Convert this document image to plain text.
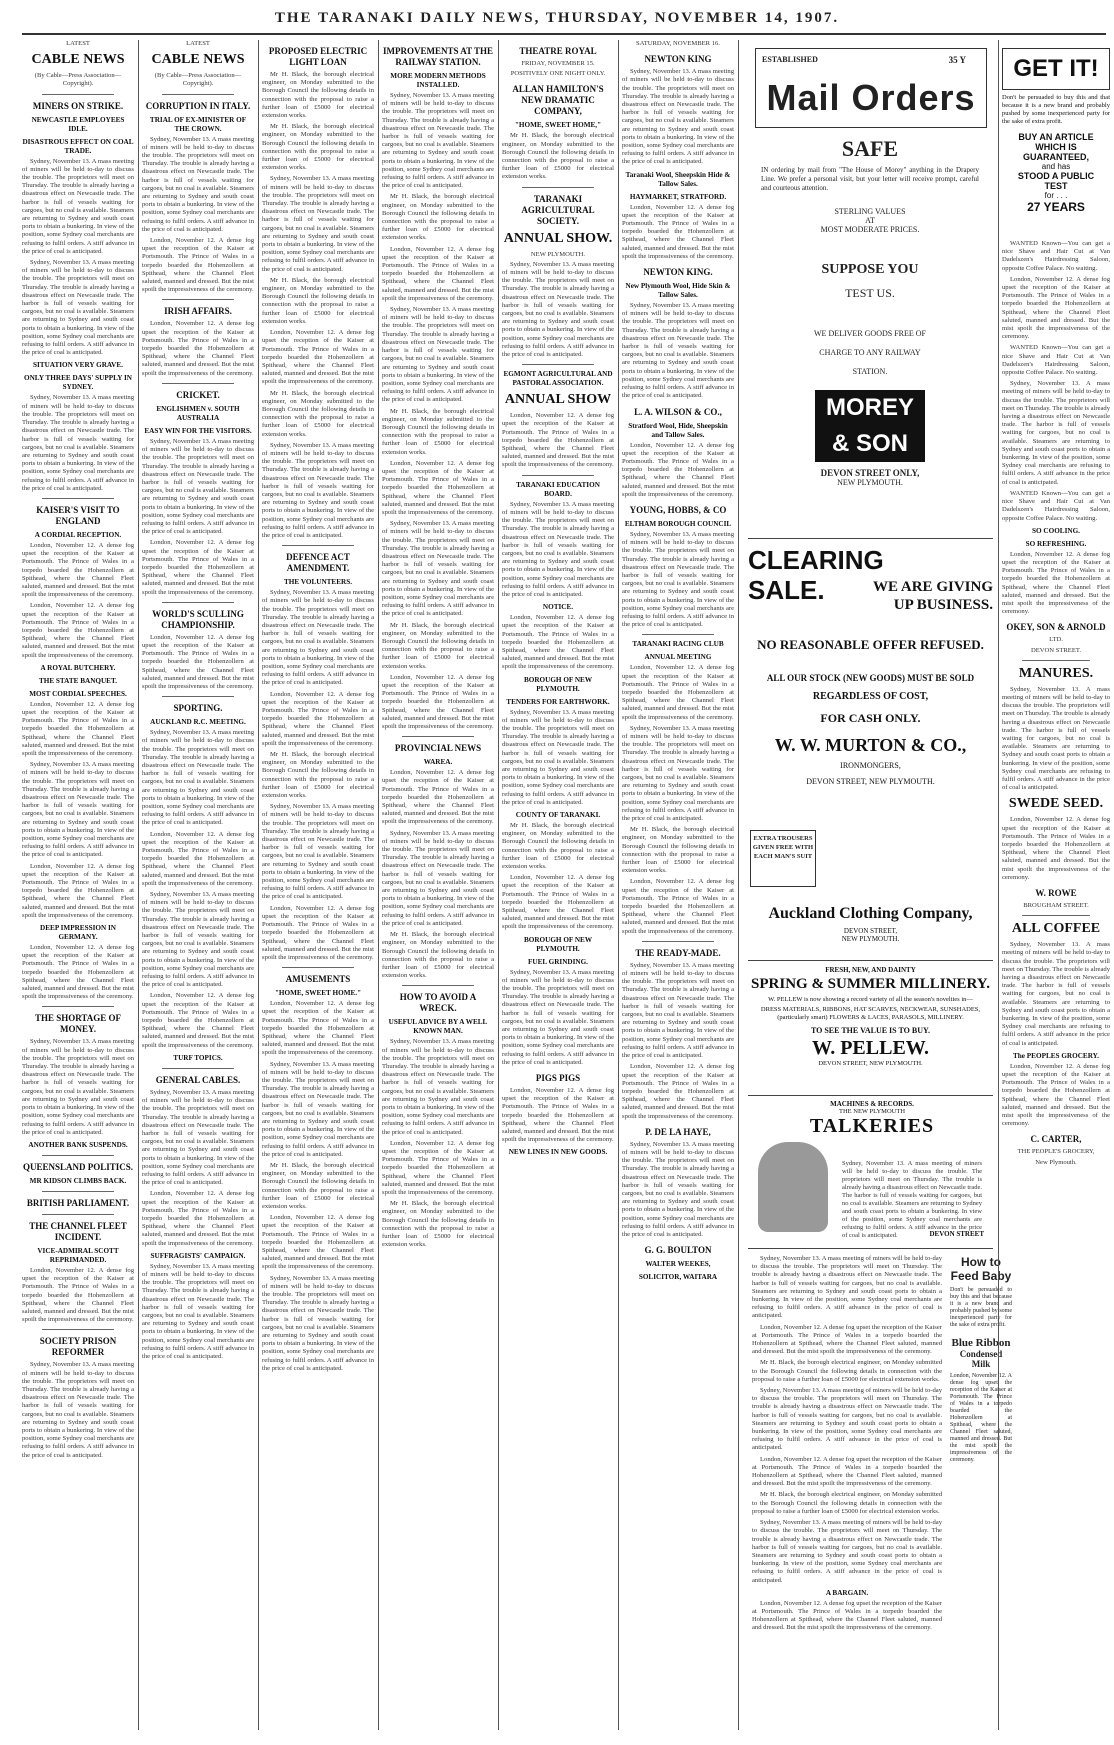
THE TARANAKI DAILY NEWS, THURSDAY, NOVEMBER 14, 1907.
LATEST
CABLE NEWS
(By Cable—Press Association—Copyright).
MINERS ON STRIKE.
NEWCASTLE EMPLOYEES IDLE.
DISASTROUS EFFECT ON COAL TRADE.

Sydney, November 13. A mass meeting of miners will be held to-day to discuss the trouble. The proprietors will meet on Thursday. The trouble is already having a disastrous effect on Newcastle trade. The harbor is full of vessels waiting for cargoes, but no coal is available. Steamers are returning to Sydney and south coast ports to obtain a bunkering. In view of the position, some Sydney coal merchants are refusing to fulfil orders. A stiff advance in the price of coal is anticipated.

Sydney, November 13. A mass meeting of miners will be held to-day to discuss the trouble. The proprietors will meet on Thursday. The trouble is already having a disastrous effect on Newcastle trade. The harbor is full of vessels waiting for cargoes, but no coal is available. Steamers are returning to Sydney and south coast ports to obtain a bunkering. In view of the position, some Sydney coal merchants are refusing to fulfil orders. A stiff advance in the price of coal is anticipated.

SITUATION VERY GRAVE.
ONLY THREE DAYS' SUPPLY IN SYDNEY.

Sydney, November 13. A mass meeting of miners will be held to-day to discuss the trouble. The proprietors will meet on Thursday. The trouble is already having a disastrous effect on Newcastle trade. The harbor is full of vessels waiting for cargoes, but no coal is available. Steamers are returning to Sydney and south coast ports to obtain a bunkering. In view of the position, some Sydney coal merchants are refusing to fulfil orders. A stiff advance in the price of coal is anticipated.

KAISER'S VISIT TO ENGLAND
A CORDIAL RECEPTION.

London, November 12. A dense fog upset the reception of the Kaiser at Portsmouth. The Prince of Wales in a torpedo boarded the Hohenzollern at Spithead, where the Channel Fleet saluted, manned and dressed. But the mist spoilt the impressiveness of the ceremony.

London, November 12. A dense fog upset the reception of the Kaiser at Portsmouth. The Prince of Wales in a torpedo boarded the Hohenzollern at Spithead, where the Channel Fleet saluted, manned and dressed. But the mist spoilt the impressiveness of the ceremony.

A ROYAL BUTCHERY.
THE STATE BANQUET.
MOST CORDIAL SPEECHES.

London, November 12. A dense fog upset the reception of the Kaiser at Portsmouth. The Prince of Wales in a torpedo boarded the Hohenzollern at Spithead, where the Channel Fleet saluted, manned and dressed. But the mist spoilt the impressiveness of the ceremony.

Sydney, November 13. A mass meeting of miners will be held to-day to discuss the trouble. The proprietors will meet on Thursday. The trouble is already having a disastrous effect on Newcastle trade. The harbor is full of vessels waiting for cargoes, but no coal is available. Steamers are returning to Sydney and south coast ports to obtain a bunkering. In view of the position, some Sydney coal merchants are refusing to fulfil orders. A stiff advance in the price of coal is anticipated.

London, November 12. A dense fog upset the reception of the Kaiser at Portsmouth. The Prince of Wales in a torpedo boarded the Hohenzollern at Spithead, where the Channel Fleet saluted, manned and dressed. But the mist spoilt the impressiveness of the ceremony.

DEEP IMPRESSION IN GERMANY.

London, November 12. A dense fog upset the reception of the Kaiser at Portsmouth. The Prince of Wales in a torpedo boarded the Hohenzollern at Spithead, where the Channel Fleet saluted, manned and dressed. But the mist spoilt the impressiveness of the ceremony.

THE SHORTAGE OF MONEY.

Sydney, November 13. A mass meeting of miners will be held to-day to discuss the trouble. The proprietors will meet on Thursday. The trouble is already having a disastrous effect on Newcastle trade. The harbor is full of vessels waiting for cargoes, but no coal is available. Steamers are returning to Sydney and south coast ports to obtain a bunkering. In view of the position, some Sydney coal merchants are refusing to fulfil orders. A stiff advance in the price of coal is anticipated.

ANOTHER BANK SUSPENDS.
QUEENSLAND POLITICS.
MR KIDSON CLIMBS BACK.
BRITISH PARLIAMENT.
THE CHANNEL FLEET INCIDENT.
VICE-ADMIRAL SCOTT REPRIMANDED.

London, November 12. A dense fog upset the reception of the Kaiser at Portsmouth. The Prince of Wales in a torpedo boarded the Hohenzollern at Spithead, where the Channel Fleet saluted, manned and dressed. But the mist spoilt the impressiveness of the ceremony.

SOCIETY PRISON REFORMER

Sydney, November 13. A mass meeting of miners will be held to-day to discuss the trouble. The proprietors will meet on Thursday. The trouble is already having a disastrous effect on Newcastle trade. The harbor is full of vessels waiting for cargoes, but no coal is available. Steamers are returning to Sydney and south coast ports to obtain a bunkering. In view of the position, some Sydney coal merchants are refusing to fulfil orders. A stiff advance in the price of coal is anticipated.

LATEST
CABLE NEWS
(By Cable—Press Association—Copyright).
CORRUPTION IN ITALY.
TRIAL OF EX-MINISTER OF THE CROWN.

Sydney, November 13. A mass meeting of miners will be held to-day to discuss the trouble. The proprietors will meet on Thursday. The trouble is already having a disastrous effect on Newcastle trade. The harbor is full of vessels waiting for cargoes, but no coal is available. Steamers are returning to Sydney and south coast ports to obtain a bunkering. In view of the position, some Sydney coal merchants are refusing to fulfil orders. A stiff advance in the price of coal is anticipated.

London, November 12. A dense fog upset the reception of the Kaiser at Portsmouth. The Prince of Wales in a torpedo boarded the Hohenzollern at Spithead, where the Channel Fleet saluted, manned and dressed. But the mist spoilt the impressiveness of the ceremony.

IRISH AFFAIRS.

London, November 12. A dense fog upset the reception of the Kaiser at Portsmouth. The Prince of Wales in a torpedo boarded the Hohenzollern at Spithead, where the Channel Fleet saluted, manned and dressed. But the mist spoilt the impressiveness of the ceremony.

CRICKET.
ENGLISHMEN v. SOUTH AUSTRALIA
EASY WIN FOR THE VISITORS.

Sydney, November 13. A mass meeting of miners will be held to-day to discuss the trouble. The proprietors will meet on Thursday. The trouble is already having a disastrous effect on Newcastle trade. The harbor is full of vessels waiting for cargoes, but no coal is available. Steamers are returning to Sydney and south coast ports to obtain a bunkering. In view of the position, some Sydney coal merchants are refusing to fulfil orders. A stiff advance in the price of coal is anticipated.

London, November 12. A dense fog upset the reception of the Kaiser at Portsmouth. The Prince of Wales in a torpedo boarded the Hohenzollern at Spithead, where the Channel Fleet saluted, manned and dressed. But the mist spoilt the impressiveness of the ceremony.

WORLD'S SCULLING CHAMPIONSHIP.

London, November 12. A dense fog upset the reception of the Kaiser at Portsmouth. The Prince of Wales in a torpedo boarded the Hohenzollern at Spithead, where the Channel Fleet saluted, manned and dressed. But the mist spoilt the impressiveness of the ceremony.

SPORTING.
AUCKLAND R.C. MEETING.

Sydney, November 13. A mass meeting of miners will be held to-day to discuss the trouble. The proprietors will meet on Thursday. The trouble is already having a disastrous effect on Newcastle trade. The harbor is full of vessels waiting for cargoes, but no coal is available. Steamers are returning to Sydney and south coast ports to obtain a bunkering. In view of the position, some Sydney coal merchants are refusing to fulfil orders. A stiff advance in the price of coal is anticipated.

London, November 12. A dense fog upset the reception of the Kaiser at Portsmouth. The Prince of Wales in a torpedo boarded the Hohenzollern at Spithead, where the Channel Fleet saluted, manned and dressed. But the mist spoilt the impressiveness of the ceremony.

Sydney, November 13. A mass meeting of miners will be held to-day to discuss the trouble. The proprietors will meet on Thursday. The trouble is already having a disastrous effect on Newcastle trade. The harbor is full of vessels waiting for cargoes, but no coal is available. Steamers are returning to Sydney and south coast ports to obtain a bunkering. In view of the position, some Sydney coal merchants are refusing to fulfil orders. A stiff advance in the price of coal is anticipated.

London, November 12. A dense fog upset the reception of the Kaiser at Portsmouth. The Prince of Wales in a torpedo boarded the Hohenzollern at Spithead, where the Channel Fleet saluted, manned and dressed. But the mist spoilt the impressiveness of the ceremony.

TURF TOPICS.
GENERAL CABLES.

Sydney, November 13. A mass meeting of miners will be held to-day to discuss the trouble. The proprietors will meet on Thursday. The trouble is already having a disastrous effect on Newcastle trade. The harbor is full of vessels waiting for cargoes, but no coal is available. Steamers are returning to Sydney and south coast ports to obtain a bunkering. In view of the position, some Sydney coal merchants are refusing to fulfil orders. A stiff advance in the price of coal is anticipated.

London, November 12. A dense fog upset the reception of the Kaiser at Portsmouth. The Prince of Wales in a torpedo boarded the Hohenzollern at Spithead, where the Channel Fleet saluted, manned and dressed. But the mist spoilt the impressiveness of the ceremony.

SUFFRAGISTS' CAMPAIGN.

Sydney, November 13. A mass meeting of miners will be held to-day to discuss the trouble. The proprietors will meet on Thursday. The trouble is already having a disastrous effect on Newcastle trade. The harbor is full of vessels waiting for cargoes, but no coal is available. Steamers are returning to Sydney and south coast ports to obtain a bunkering. In view of the position, some Sydney coal merchants are refusing to fulfil orders. A stiff advance in the price of coal is anticipated.

PROPOSED ELECTRIC LIGHT LOAN

Mr H. Black, the borough electrical engineer, on Monday submitted to the Borough Council the following details in connection with the proposal to raise a further loan of £5000 for electrical extension works.

Mr H. Black, the borough electrical engineer, on Monday submitted to the Borough Council the following details in connection with the proposal to raise a further loan of £5000 for electrical extension works.

Sydney, November 13. A mass meeting of miners will be held to-day to discuss the trouble. The proprietors will meet on Thursday. The trouble is already having a disastrous effect on Newcastle trade. The harbor is full of vessels waiting for cargoes, but no coal is available. Steamers are returning to Sydney and south coast ports to obtain a bunkering. In view of the position, some Sydney coal merchants are refusing to fulfil orders. A stiff advance in the price of coal is anticipated.

Mr H. Black, the borough electrical engineer, on Monday submitted to the Borough Council the following details in connection with the proposal to raise a further loan of £5000 for electrical extension works.

London, November 12. A dense fog upset the reception of the Kaiser at Portsmouth. The Prince of Wales in a torpedo boarded the Hohenzollern at Spithead, where the Channel Fleet saluted, manned and dressed. But the mist spoilt the impressiveness of the ceremony.

Mr H. Black, the borough electrical engineer, on Monday submitted to the Borough Council the following details in connection with the proposal to raise a further loan of £5000 for electrical extension works.

Sydney, November 13. A mass meeting of miners will be held to-day to discuss the trouble. The proprietors will meet on Thursday. The trouble is already having a disastrous effect on Newcastle trade. The harbor is full of vessels waiting for cargoes, but no coal is available. Steamers are returning to Sydney and south coast ports to obtain a bunkering. In view of the position, some Sydney coal merchants are refusing to fulfil orders. A stiff advance in the price of coal is anticipated.

DEFENCE ACT AMENDMENT.
THE VOLUNTEERS.

Sydney, November 13. A mass meeting of miners will be held to-day to discuss the trouble. The proprietors will meet on Thursday. The trouble is already having a disastrous effect on Newcastle trade. The harbor is full of vessels waiting for cargoes, but no coal is available. Steamers are returning to Sydney and south coast ports to obtain a bunkering. In view of the position, some Sydney coal merchants are refusing to fulfil orders. A stiff advance in the price of coal is anticipated.

London, November 12. A dense fog upset the reception of the Kaiser at Portsmouth. The Prince of Wales in a torpedo boarded the Hohenzollern at Spithead, where the Channel Fleet saluted, manned and dressed. But the mist spoilt the impressiveness of the ceremony.

Mr H. Black, the borough electrical engineer, on Monday submitted to the Borough Council the following details in connection with the proposal to raise a further loan of £5000 for electrical extension works.

Sydney, November 13. A mass meeting of miners will be held to-day to discuss the trouble. The proprietors will meet on Thursday. The trouble is already having a disastrous effect on Newcastle trade. The harbor is full of vessels waiting for cargoes, but no coal is available. Steamers are returning to Sydney and south coast ports to obtain a bunkering. In view of the position, some Sydney coal merchants are refusing to fulfil orders. A stiff advance in the price of coal is anticipated.

London, November 12. A dense fog upset the reception of the Kaiser at Portsmouth. The Prince of Wales in a torpedo boarded the Hohenzollern at Spithead, where the Channel Fleet saluted, manned and dressed. But the mist spoilt the impressiveness of the ceremony.

AMUSEMENTS
"HOME, SWEET HOME."

London, November 12. A dense fog upset the reception of the Kaiser at Portsmouth. The Prince of Wales in a torpedo boarded the Hohenzollern at Spithead, where the Channel Fleet saluted, manned and dressed. But the mist spoilt the impressiveness of the ceremony.

Sydney, November 13. A mass meeting of miners will be held to-day to discuss the trouble. The proprietors will meet on Thursday. The trouble is already having a disastrous effect on Newcastle trade. The harbor is full of vessels waiting for cargoes, but no coal is available. Steamers are returning to Sydney and south coast ports to obtain a bunkering. In view of the position, some Sydney coal merchants are refusing to fulfil orders. A stiff advance in the price of coal is anticipated.

Mr H. Black, the borough electrical engineer, on Monday submitted to the Borough Council the following details in connection with the proposal to raise a further loan of £5000 for electrical extension works.

London, November 12. A dense fog upset the reception of the Kaiser at Portsmouth. The Prince of Wales in a torpedo boarded the Hohenzollern at Spithead, where the Channel Fleet saluted, manned and dressed. But the mist spoilt the impressiveness of the ceremony.

Sydney, November 13. A mass meeting of miners will be held to-day to discuss the trouble. The proprietors will meet on Thursday. The trouble is already having a disastrous effect on Newcastle trade. The harbor is full of vessels waiting for cargoes, but no coal is available. Steamers are returning to Sydney and south coast ports to obtain a bunkering. In view of the position, some Sydney coal merchants are refusing to fulfil orders. A stiff advance in the price of coal is anticipated.

IMPROVEMENTS AT THE RAILWAY STATION.
MORE MODERN METHODS INSTALLED.

Sydney, November 13. A mass meeting of miners will be held to-day to discuss the trouble. The proprietors will meet on Thursday. The trouble is already having a disastrous effect on Newcastle trade. The harbor is full of vessels waiting for cargoes, but no coal is available. Steamers are returning to Sydney and south coast ports to obtain a bunkering. In view of the position, some Sydney coal merchants are refusing to fulfil orders. A stiff advance in the price of coal is anticipated.

Mr H. Black, the borough electrical engineer, on Monday submitted to the Borough Council the following details in connection with the proposal to raise a further loan of £5000 for electrical extension works.

London, November 12. A dense fog upset the reception of the Kaiser at Portsmouth. The Prince of Wales in a torpedo boarded the Hohenzollern at Spithead, where the Channel Fleet saluted, manned and dressed. But the mist spoilt the impressiveness of the ceremony.

Sydney, November 13. A mass meeting of miners will be held to-day to discuss the trouble. The proprietors will meet on Thursday. The trouble is already having a disastrous effect on Newcastle trade. The harbor is full of vessels waiting for cargoes, but no coal is available. Steamers are returning to Sydney and south coast ports to obtain a bunkering. In view of the position, some Sydney coal merchants are refusing to fulfil orders. A stiff advance in the price of coal is anticipated.

Mr H. Black, the borough electrical engineer, on Monday submitted to the Borough Council the following details in connection with the proposal to raise a further loan of £5000 for electrical extension works.

London, November 12. A dense fog upset the reception of the Kaiser at Portsmouth. The Prince of Wales in a torpedo boarded the Hohenzollern at Spithead, where the Channel Fleet saluted, manned and dressed. But the mist spoilt the impressiveness of the ceremony.

Sydney, November 13. A mass meeting of miners will be held to-day to discuss the trouble. The proprietors will meet on Thursday. The trouble is already having a disastrous effect on Newcastle trade. The harbor is full of vessels waiting for cargoes, but no coal is available. Steamers are returning to Sydney and south coast ports to obtain a bunkering. In view of the position, some Sydney coal merchants are refusing to fulfil orders. A stiff advance in the price of coal is anticipated.

Mr H. Black, the borough electrical engineer, on Monday submitted to the Borough Council the following details in connection with the proposal to raise a further loan of £5000 for electrical extension works.

London, November 12. A dense fog upset the reception of the Kaiser at Portsmouth. The Prince of Wales in a torpedo boarded the Hohenzollern at Spithead, where the Channel Fleet saluted, manned and dressed. But the mist spoilt the impressiveness of the ceremony.

PROVINCIAL NEWS
WAREA.

London, November 12. A dense fog upset the reception of the Kaiser at Portsmouth. The Prince of Wales in a torpedo boarded the Hohenzollern at Spithead, where the Channel Fleet saluted, manned and dressed. But the mist spoilt the impressiveness of the ceremony.

Sydney, November 13. A mass meeting of miners will be held to-day to discuss the trouble. The proprietors will meet on Thursday. The trouble is already having a disastrous effect on Newcastle trade. The harbor is full of vessels waiting for cargoes, but no coal is available. Steamers are returning to Sydney and south coast ports to obtain a bunkering. In view of the position, some Sydney coal merchants are refusing to fulfil orders. A stiff advance in the price of coal is anticipated.

Mr H. Black, the borough electrical engineer, on Monday submitted to the Borough Council the following details in connection with the proposal to raise a further loan of £5000 for electrical extension works.

HOW TO AVOID A WRECK.
USEFUL ADVICE BY A WELL KNOWN MAN.

Sydney, November 13. A mass meeting of miners will be held to-day to discuss the trouble. The proprietors will meet on Thursday. The trouble is already having a disastrous effect on Newcastle trade. The harbor is full of vessels waiting for cargoes, but no coal is available. Steamers are returning to Sydney and south coast ports to obtain a bunkering. In view of the position, some Sydney coal merchants are refusing to fulfil orders. A stiff advance in the price of coal is anticipated.

London, November 12. A dense fog upset the reception of the Kaiser at Portsmouth. The Prince of Wales in a torpedo boarded the Hohenzollern at Spithead, where the Channel Fleet saluted, manned and dressed. But the mist spoilt the impressiveness of the ceremony.

Mr H. Black, the borough electrical engineer, on Monday submitted to the Borough Council the following details in connection with the proposal to raise a further loan of £5000 for electrical extension works.

THEATRE ROYAL
FRIDAY, NOVEMBER 15.
POSITIVELY ONE NIGHT ONLY.
ALLAN HAMILTON'S NEW DRAMATIC COMPANY,
"HOME, SWEET HOME,"

Mr H. Black, the borough electrical engineer, on Monday submitted to the Borough Council the following details in connection with the proposal to raise a further loan of £5000 for electrical extension works.

TARANAKI AGRICULTURAL SOCIETY.
ANNUAL SHOW.
NEW PLYMOUTH.

Sydney, November 13. A mass meeting of miners will be held to-day to discuss the trouble. The proprietors will meet on Thursday. The trouble is already having a disastrous effect on Newcastle trade. The harbor is full of vessels waiting for cargoes, but no coal is available. Steamers are returning to Sydney and south coast ports to obtain a bunkering. In view of the position, some Sydney coal merchants are refusing to fulfil orders. A stiff advance in the price of coal is anticipated.

EGMONT AGRICULTURAL AND PASTORAL ASSOCIATION.
ANNUAL SHOW

London, November 12. A dense fog upset the reception of the Kaiser at Portsmouth. The Prince of Wales in a torpedo boarded the Hohenzollern at Spithead, where the Channel Fleet saluted, manned and dressed. But the mist spoilt the impressiveness of the ceremony.

TARANAKI EDUCATION BOARD.

Sydney, November 13. A mass meeting of miners will be held to-day to discuss the trouble. The proprietors will meet on Thursday. The trouble is already having a disastrous effect on Newcastle trade. The harbor is full of vessels waiting for cargoes, but no coal is available. Steamers are returning to Sydney and south coast ports to obtain a bunkering. In view of the position, some Sydney coal merchants are refusing to fulfil orders. A stiff advance in the price of coal is anticipated.

NOTICE.

London, November 12. A dense fog upset the reception of the Kaiser at Portsmouth. The Prince of Wales in a torpedo boarded the Hohenzollern at Spithead, where the Channel Fleet saluted, manned and dressed. But the mist spoilt the impressiveness of the ceremony.

BOROUGH OF NEW PLYMOUTH.
TENDERS FOR EARTHWORK.

Sydney, November 13. A mass meeting of miners will be held to-day to discuss the trouble. The proprietors will meet on Thursday. The trouble is already having a disastrous effect on Newcastle trade. The harbor is full of vessels waiting for cargoes, but no coal is available. Steamers are returning to Sydney and south coast ports to obtain a bunkering. In view of the position, some Sydney coal merchants are refusing to fulfil orders. A stiff advance in the price of coal is anticipated.

COUNTY OF TARANAKI.

Mr H. Black, the borough electrical engineer, on Monday submitted to the Borough Council the following details in connection with the proposal to raise a further loan of £5000 for electrical extension works.

London, November 12. A dense fog upset the reception of the Kaiser at Portsmouth. The Prince of Wales in a torpedo boarded the Hohenzollern at Spithead, where the Channel Fleet saluted, manned and dressed. But the mist spoilt the impressiveness of the ceremony.

BOROUGH OF NEW PLYMOUTH.
FUEL GRINDING.

Sydney, November 13. A mass meeting of miners will be held to-day to discuss the trouble. The proprietors will meet on Thursday. The trouble is already having a disastrous effect on Newcastle trade. The harbor is full of vessels waiting for cargoes, but no coal is available. Steamers are returning to Sydney and south coast ports to obtain a bunkering. In view of the position, some Sydney coal merchants are refusing to fulfil orders. A stiff advance in the price of coal is anticipated.

PIGS PIGS

London, November 12. A dense fog upset the reception of the Kaiser at Portsmouth. The Prince of Wales in a torpedo boarded the Hohenzollern at Spithead, where the Channel Fleet saluted, manned and dressed. But the mist spoilt the impressiveness of the ceremony.

NEW LINES IN NEW GOODS.
SATURDAY, NOVEMBER 16.
NEWTON KING

Sydney, November 13. A mass meeting of miners will be held to-day to discuss the trouble. The proprietors will meet on Thursday. The trouble is already having a disastrous effect on Newcastle trade. The harbor is full of vessels waiting for cargoes, but no coal is available. Steamers are returning to Sydney and south coast ports to obtain a bunkering. In view of the position, some Sydney coal merchants are refusing to fulfil orders. A stiff advance in the price of coal is anticipated.

Taranaki Wool, Sheepskin Hide & Tallow Sales.
HAYMARKET, STRATFORD.

London, November 12. A dense fog upset the reception of the Kaiser at Portsmouth. The Prince of Wales in a torpedo boarded the Hohenzollern at Spithead, where the Channel Fleet saluted, manned and dressed. But the mist spoilt the impressiveness of the ceremony.

NEWTON KING.
New Plymouth Wool, Hide Skin & Tallow Sales.

Sydney, November 13. A mass meeting of miners will be held to-day to discuss the trouble. The proprietors will meet on Thursday. The trouble is already having a disastrous effect on Newcastle trade. The harbor is full of vessels waiting for cargoes, but no coal is available. Steamers are returning to Sydney and south coast ports to obtain a bunkering. In view of the position, some Sydney coal merchants are refusing to fulfil orders. A stiff advance in the price of coal is anticipated.

L. A. WILSON & CO.,
Stratford Wool, Hide, Sheepskin and Tallow Sales.

London, November 12. A dense fog upset the reception of the Kaiser at Portsmouth. The Prince of Wales in a torpedo boarded the Hohenzollern at Spithead, where the Channel Fleet saluted, manned and dressed. But the mist spoilt the impressiveness of the ceremony.

YOUNG, HOBBS, & CO
ELTHAM BOROUGH COUNCIL

Sydney, November 13. A mass meeting of miners will be held to-day to discuss the trouble. The proprietors will meet on Thursday. The trouble is already having a disastrous effect on Newcastle trade. The harbor is full of vessels waiting for cargoes, but no coal is available. Steamers are returning to Sydney and south coast ports to obtain a bunkering. In view of the position, some Sydney coal merchants are refusing to fulfil orders. A stiff advance in the price of coal is anticipated.

TARANAKI RACING CLUB
ANNUAL MEETING

London, November 12. A dense fog upset the reception of the Kaiser at Portsmouth. The Prince of Wales in a torpedo boarded the Hohenzollern at Spithead, where the Channel Fleet saluted, manned and dressed. But the mist spoilt the impressiveness of the ceremony.

Sydney, November 13. A mass meeting of miners will be held to-day to discuss the trouble. The proprietors will meet on Thursday. The trouble is already having a disastrous effect on Newcastle trade. The harbor is full of vessels waiting for cargoes, but no coal is available. Steamers are returning to Sydney and south coast ports to obtain a bunkering. In view of the position, some Sydney coal merchants are refusing to fulfil orders. A stiff advance in the price of coal is anticipated.

Mr H. Black, the borough electrical engineer, on Monday submitted to the Borough Council the following details in connection with the proposal to raise a further loan of £5000 for electrical extension works.

London, November 12. A dense fog upset the reception of the Kaiser at Portsmouth. The Prince of Wales in a torpedo boarded the Hohenzollern at Spithead, where the Channel Fleet saluted, manned and dressed. But the mist spoilt the impressiveness of the ceremony.

THE READY-MADE.

Sydney, November 13. A mass meeting of miners will be held to-day to discuss the trouble. The proprietors will meet on Thursday. The trouble is already having a disastrous effect on Newcastle trade. The harbor is full of vessels waiting for cargoes, but no coal is available. Steamers are returning to Sydney and south coast ports to obtain a bunkering. In view of the position, some Sydney coal merchants are refusing to fulfil orders. A stiff advance in the price of coal is anticipated.

London, November 12. A dense fog upset the reception of the Kaiser at Portsmouth. The Prince of Wales in a torpedo boarded the Hohenzollern at Spithead, where the Channel Fleet saluted, manned and dressed. But the mist spoilt the impressiveness of the ceremony.

P. DE LA HAYE,

Sydney, November 13. A mass meeting of miners will be held to-day to discuss the trouble. The proprietors will meet on Thursday. The trouble is already having a disastrous effect on Newcastle trade. The harbor is full of vessels waiting for cargoes, but no coal is available. Steamers are returning to Sydney and south coast ports to obtain a bunkering. In view of the position, some Sydney coal merchants are refusing to fulfil orders. A stiff advance in the price of coal is anticipated.

G. G. BOULTON
WALTER WEEKES,
SOLICITOR, WAITARA
ESTABLISHED	35 Y
Mail Orders
SAFE
IN ordering by mail from "The House of Morey" anything in the Drapery Line. We prefer a personal visit, but your letter will receive prompt, careful and courteous attention.
STERLING VALUES
AT
MOST MODERATE PRICES.
SUPPOSE YOU
TEST US.
WE DELIVER GOODS FREE OF
CHARGE TO ANY RAILWAY
STATION.
MOREY & SON
DEVON STREET ONLY,
NEW PLYMOUTH.
CLEARING
SALE.	WE ARE GIVING
UP BUSINESS.
NO REASONABLE OFFER REFUSED.
ALL OUR STOCK (NEW GOODS) MUST BE SOLD
REGARDLESS OF COST,
FOR CASH ONLY.
W. W. MURTON & CO.,
IRONMONGERS,
DEVON STREET, NEW PLYMOUTH.
EXTRA TROUSERS GIVEN FREE WITH EACH MAN'S SUIT
Auckland Clothing Company,
DEVON STREET,
NEW PLYMOUTH.
FRESH, NEW, AND DAINTY
SPRING & SUMMER MILLINERY.
W. PELLEW is now showing a record variety of all the season's novelties in—
DRESS MATERIALS, RIBBONS, HAT SCARVES, NECKWEAR, SUNSHADES, (particularly smart) FLOWERS & LACES, PARASOLS, MILLINERY.
TO SEE THE VALUE IS TO BUY.
W. PELLEW.
DEVON STREET, NEW PLYMOUTH.
MACHINES & RECORDS.
THE NEW PLYMOUTH
TALKERIES
Sydney, November 13. A mass meeting of miners will be held to-day to discuss the trouble. The proprietors will meet on Thursday. The trouble is already having a disastrous effect on Newcastle trade. The harbor is full of vessels waiting for cargoes, but no coal is available. Steamers are returning to Sydney and south coast ports to obtain a bunkering. In view of the position, some Sydney coal merchants are refusing to fulfil orders. A stiff advance in the price of coal is anticipated.	DEVON STREET
How to
Feed Baby
Don't be persuaded to buy this and that because it is a new brand and probably pushed by some inexperienced party for the sake of extra profit.
Blue Ribbon
Condensed Milk
London, November 12. A dense fog upset the reception of the Kaiser at Portsmouth. The Prince of Wales in a torpedo boarded the Hohenzollern at Spithead, where the Channel Fleet saluted, manned and dressed. But the mist spoilt the impressiveness of the ceremony.

Sydney, November 13. A mass meeting of miners will be held to-day to discuss the trouble. The proprietors will meet on Thursday. The trouble is already having a disastrous effect on Newcastle trade. The harbor is full of vessels waiting for cargoes, but no coal is available. Steamers are returning to Sydney and south coast ports to obtain a bunkering. In view of the position, some Sydney coal merchants are refusing to fulfil orders. A stiff advance in the price of coal is anticipated.

London, November 12. A dense fog upset the reception of the Kaiser at Portsmouth. The Prince of Wales in a torpedo boarded the Hohenzollern at Spithead, where the Channel Fleet saluted, manned and dressed. But the mist spoilt the impressiveness of the ceremony.

Mr H. Black, the borough electrical engineer, on Monday submitted to the Borough Council the following details in connection with the proposal to raise a further loan of £5000 for electrical extension works.

Sydney, November 13. A mass meeting of miners will be held to-day to discuss the trouble. The proprietors will meet on Thursday. The trouble is already having a disastrous effect on Newcastle trade. The harbor is full of vessels waiting for cargoes, but no coal is available. Steamers are returning to Sydney and south coast ports to obtain a bunkering. In view of the position, some Sydney coal merchants are refusing to fulfil orders. A stiff advance in the price of coal is anticipated.

London, November 12. A dense fog upset the reception of the Kaiser at Portsmouth. The Prince of Wales in a torpedo boarded the Hohenzollern at Spithead, where the Channel Fleet saluted, manned and dressed. But the mist spoilt the impressiveness of the ceremony.

Mr H. Black, the borough electrical engineer, on Monday submitted to the Borough Council the following details in connection with the proposal to raise a further loan of £5000 for electrical extension works.

Sydney, November 13. A mass meeting of miners will be held to-day to discuss the trouble. The proprietors will meet on Thursday. The trouble is already having a disastrous effect on Newcastle trade. The harbor is full of vessels waiting for cargoes, but no coal is available. Steamers are returning to Sydney and south coast ports to obtain a bunkering. In view of the position, some Sydney coal merchants are refusing to fulfil orders. A stiff advance in the price of coal is anticipated.

A BARGAIN.

London, November 12. A dense fog upset the reception of the Kaiser at Portsmouth. The Prince of Wales in a torpedo boarded the Hohenzollern at Spithead, where the Channel Fleet saluted, manned and dressed. But the mist spoilt the impressiveness of the ceremony.

GET IT!
Don't be persuaded to buy this and that because it is a new brand and probably pushed by some inexperienced party for the sake of extra profit.
BUY AN ARTICLE
WHICH IS
GUARANTEED,
and has
STOOD A PUBLIC
TEST
for . . .
27 YEARS

WANTED Known—You can get a nice Shave and Hair Cut at Van Dadelszen's Hairdressing Saloon, opposite Coffee Palace. No waiting.

London, November 12. A dense fog upset the reception of the Kaiser at Portsmouth. The Prince of Wales in a torpedo boarded the Hohenzollern at Spithead, where the Channel Fleet saluted, manned and dressed. But the mist spoilt the impressiveness of the ceremony.

WANTED Known—You can get a nice Shave and Hair Cut at Van Dadelszen's Hairdressing Saloon, opposite Coffee Palace. No waiting.

Sydney, November 13. A mass meeting of miners will be held to-day to discuss the trouble. The proprietors will meet on Thursday. The trouble is already having a disastrous effect on Newcastle trade. The harbor is full of vessels waiting for cargoes, but no coal is available. Steamers are returning to Sydney and south coast ports to obtain a bunkering. In view of the position, some Sydney coal merchants are refusing to fulfil orders. A stiff advance in the price of coal is anticipated.

WANTED Known—You can get a nice Shave and Hair Cut at Van Dadelszen's Hairdressing Saloon, opposite Coffee Palace. No waiting.

SO COOLING.
SO REFRESHING.

London, November 12. A dense fog upset the reception of the Kaiser at Portsmouth. The Prince of Wales in a torpedo boarded the Hohenzollern at Spithead, where the Channel Fleet saluted, manned and dressed. But the mist spoilt the impressiveness of the ceremony.

OKEY, SON & ARNOLD
LTD.
DEVON STREET.
MANURES.

Sydney, November 13. A mass meeting of miners will be held to-day to discuss the trouble. The proprietors will meet on Thursday. The trouble is already having a disastrous effect on Newcastle trade. The harbor is full of vessels waiting for cargoes, but no coal is available. Steamers are returning to Sydney and south coast ports to obtain a bunkering. In view of the position, some Sydney coal merchants are refusing to fulfil orders. A stiff advance in the price of coal is anticipated.

SWEDE SEED.

London, November 12. A dense fog upset the reception of the Kaiser at Portsmouth. The Prince of Wales in a torpedo boarded the Hohenzollern at Spithead, where the Channel Fleet saluted, manned and dressed. But the mist spoilt the impressiveness of the ceremony.

W. ROWE
BROUGHAM STREET.
ALL COFFEE

Sydney, November 13. A mass meeting of miners will be held to-day to discuss the trouble. The proprietors will meet on Thursday. The trouble is already having a disastrous effect on Newcastle trade. The harbor is full of vessels waiting for cargoes, but no coal is available. Steamers are returning to Sydney and south coast ports to obtain a bunkering. In view of the position, some Sydney coal merchants are refusing to fulfil orders. A stiff advance in the price of coal is anticipated.

The PEOPLES GROCERY.

London, November 12. A dense fog upset the reception of the Kaiser at Portsmouth. The Prince of Wales in a torpedo boarded the Hohenzollern at Spithead, where the Channel Fleet saluted, manned and dressed. But the mist spoilt the impressiveness of the ceremony.

C. CARTER,
THE PEOPLE'S GROCERY,
New Plymouth.
